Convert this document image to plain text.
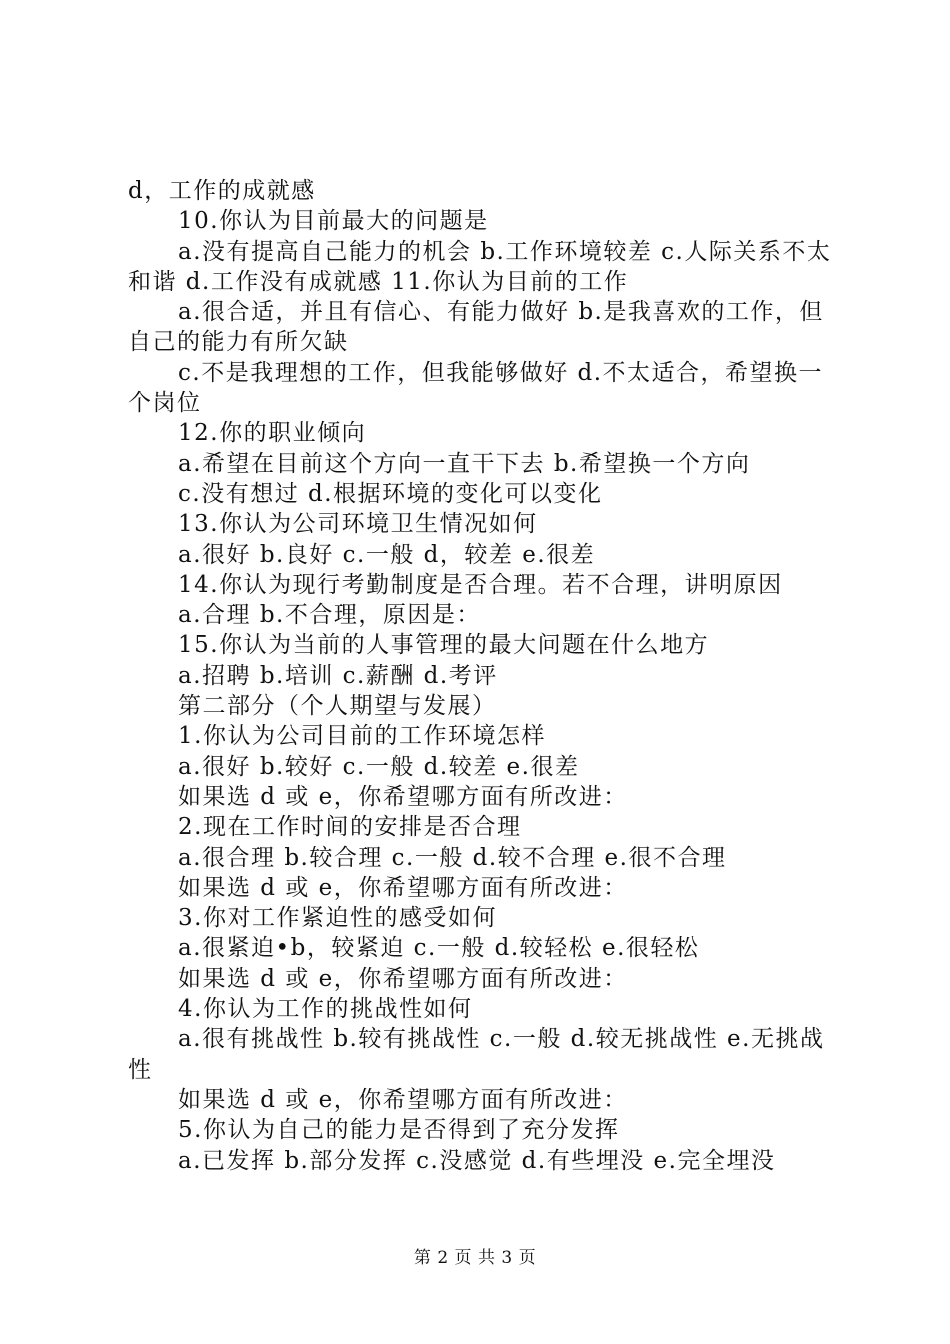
d，工作的成就感

10.你认为目前最大的问题是

a.没有提高自己能力的机会 b.工作环境较差 c.人际关系不太和谐 d.工作没有成就感 11.你认为目前的工作

a.很合适，并且有信心、有能力做好 b.是我喜欢的工作，但自己的能力有所欠缺

c.不是我理想的工作，但我能够做好 d.不太适合，希望换一个岗位

12.你的职业倾向

a.希望在目前这个方向一直干下去 b.希望换一个方向

c.没有想过 d.根据环境的变化可以变化

13.你认为公司环境卫生情况如何

a.很好 b.良好 c.一般 d，较差 e.很差

14.你认为现行考勤制度是否合理。若不合理，讲明原因

a.合理 b.不合理，原因是：

15.你认为当前的人事管理的最大问题在什么地方

a.招聘 b.培训 c.薪酬 d.考评

第二部分（个人期望与发展）

1.你认为公司目前的工作环境怎样

a.很好 b.较好 c.一般 d.较差 e.很差

如果选 d 或 e，你希望哪方面有所改进：

2.现在工作时间的安排是否合理

a.很合理 b.较合理 c.一般 d.较不合理 e.很不合理

如果选 d 或 e，你希望哪方面有所改进：

3.你对工作紧迫性的感受如何

a.很紧迫•b，较紧迫 c.一般 d.较轻松 e.很轻松

如果选 d 或 e，你希望哪方面有所改进：

4.你认为工作的挑战性如何

a.很有挑战性 b.较有挑战性 c.一般 d.较无挑战性 e.无挑战性

如果选 d 或 e，你希望哪方面有所改进：

5.你认为自己的能力是否得到了充分发挥

a.已发挥 b.部分发挥 c.没感觉 d.有些埋没 e.完全埋没

第 2 页 共 3 页
